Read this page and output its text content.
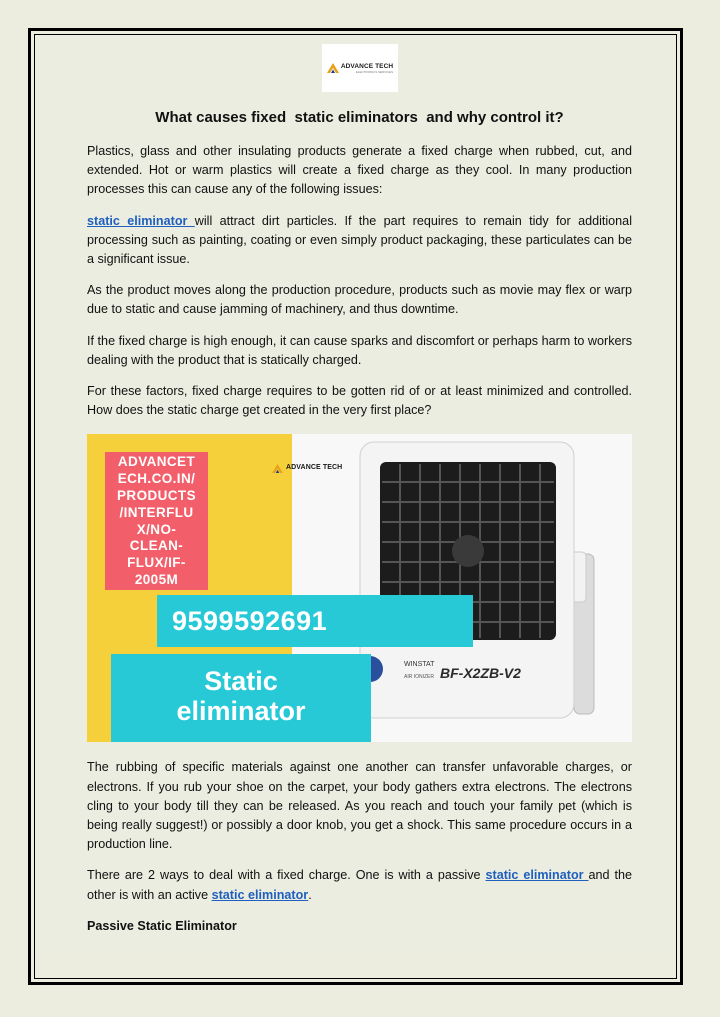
ADVANCE TECH
ELECTRONICS SERVICES
What causes fixed  static eliminators  and why control it?

Plastics, glass and other insulating products generate a fixed charge when rubbed, cut, and extended. Hot or warm plastics will create a fixed charge as they cool. In many production processes this can cause any of the following issues:

static eliminator will attract dirt particles. If the part requires to remain tidy for additional processing such as painting, coating or even simply product packaging, these particulates can be a significant issue.

As the product moves along the production procedure, products such as movie may flex or warp due to static and cause jamming of machinery, and thus downtime.

If the fixed charge is high enough, it can cause sparks and discomfort or perhaps harm to workers dealing with the product that is statically charged.

For these factors, fixed charge requires to be gotten rid of or at least minimized and controlled. How does the static charge get created in the very first place?

ADVANCET
ECH.CO.IN/
PRODUCTS
/INTERFLU
X/NO-
CLEAN-
FLUX/IF-
2005M
ADVANCE TECH
WINSTAT
AIR IONIZER BF-X2ZB-V2
9599592691
Static
eliminator

The rubbing of specific materials against one another can transfer unfavorable charges, or electrons. If you rub your shoe on the carpet, your body gathers extra electrons. The electrons cling to your body till they can be released. As you reach and touch your family pet (which is being really suggest!) or possibly a door knob, you get a shock. This same procedure occurs in a production line.

There are 2 ways to deal with a fixed charge. One is with a passive static eliminator and the other is with an active static eliminator.

Passive Static Eliminator
